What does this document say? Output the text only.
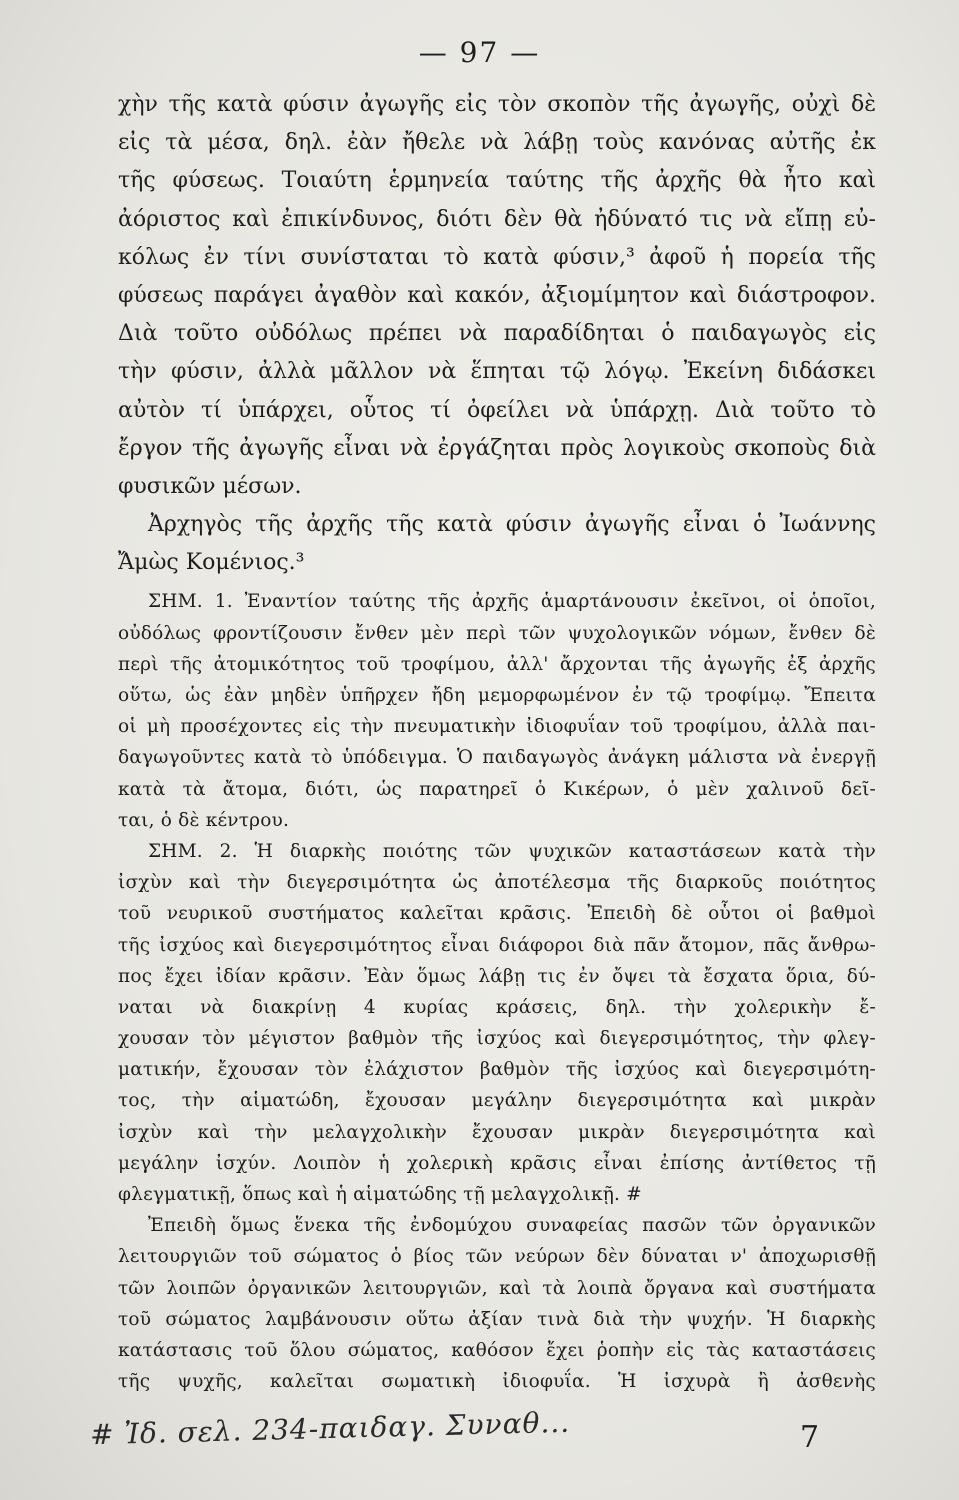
— 97 —
χὴν τῆς κατὰ φύσιν ἀγωγῆς εἰς τὸν σκοπὸν τῆς ἀγωγῆς, οὐχὶ δὲ
εἰς τὰ μέσα, δηλ. ἐὰν ἤθελε νὰ λάβῃ τοὺς κανόνας αὐτῆς ἐκ
τῆς φύσεως. Τοιαύτη ἑρμηνεία ταύτης τῆς ἀρχῆς θὰ ἦτο καὶ
ἀόριστος καὶ ἐπικίνδυνος, διότι δὲν θὰ ἠδύνατό τις νὰ εἴπῃ εὐ-
κόλως ἐν τίνι συνίσταται τὸ κατὰ φύσιν,³ ἀφοῦ ἡ πορεία τῆς
φύσεως παράγει ἀγαθὸν καὶ κακόν, ἀξιομίμητον καὶ διάστροφον.
Διὰ τοῦτο οὐδόλως πρέπει νὰ παραδίδηται ὁ παιδαγωγὸς εἰς
τὴν φύσιν, ἀλλὰ μᾶλλον νὰ ἕπηται τῷ λόγῳ. Ἐκείνη διδάσκει
αὐτὸν τί ὑπάρχει, οὗτος τί ὀφείλει νὰ ὑπάρχῃ. Διὰ τοῦτο τὸ
ἔργον τῆς ἀγωγῆς εἶναι νὰ ἐργάζηται πρὸς λογικοὺς σκοποὺς διὰ
φυσικῶν μέσων.
Ἀρχηγὸς τῆς ἀρχῆς τῆς κατὰ φύσιν ἀγωγῆς εἶναι ὁ Ἰωάννης
Ἄμὼς Κομένιος.³
ΣΗΜ. 1. Ἐναντίον ταύτης τῆς ἀρχῆς ἁμαρτάνουσιν ἐκεῖνοι, οἱ ὁποῖοι,
οὐδόλως φροντίζουσιν ἔνθεν μὲν περὶ τῶν ψυχολογικῶν νόμων, ἔνθεν δὲ
περὶ τῆς ἀτομικότητος τοῦ τροφίμου, ἀλλ' ἄρχονται τῆς ἀγωγῆς ἐξ ἀρχῆς
οὕτω, ὡς ἐὰν μηδὲν ὑπῆρχεν ἤδη μεμορφωμένον ἐν τῷ τροφίμῳ. Ἔπειτα
οἱ μὴ προσέχοντες εἰς τὴν πνευματικὴν ἰδιοφυΐαν τοῦ τροφίμου, ἀλλὰ παι-
δαγωγοῦντες κατὰ τὸ ὑπόδειγμα. Ὁ παιδαγωγὸς ἀνάγκη μάλιστα νὰ ἐνεργῇ
κατὰ τὰ ἄτομα, διότι, ὡς παρατηρεῖ ὁ Κικέρων, ὁ μὲν χαλινοῦ δεῖ-
ται, ὁ δὲ κέντρου.
ΣΗΜ. 2. Ἡ διαρκὴς ποιότης τῶν ψυχικῶν καταστάσεων κατὰ τὴν
ἰσχὺν καὶ τὴν διεγερσιμότητα ὡς ἀποτέλεσμα τῆς διαρκοῦς ποιότητος
τοῦ νευρικοῦ συστήματος καλεῖται κρᾶσις. Ἐπειδὴ δὲ οὗτοι οἱ βαθμοὶ
τῆς ἰσχύος καὶ διεγερσιμότητος εἶναι διάφοροι διὰ πᾶν ἄτομον, πᾶς ἄνθρω-
πος ἔχει ἰδίαν κρᾶσιν. Ἐὰν ὅμως λάβῃ τις ἐν ὄψει τὰ ἔσχατα ὅρια, δύ-
ναται νὰ διακρίνῃ 4 κυρίας κράσεις, δηλ. τὴν χολερικὴν ἔ-
χουσαν τὸν μέγιστον βαθμὸν τῆς ἰσχύος καὶ διεγερσιμότητος, τὴν φλεγ-
ματικήν, ἔχουσαν τὸν ἐλάχιστον βαθμὸν τῆς ἰσχύος καὶ διεγερσιμότη-
τος, τὴν αἱματώδη, ἔχουσαν μεγάλην διεγερσιμότητα καὶ μικρὰν
ἰσχὺν καὶ τὴν μελαγχολικὴν ἔχουσαν μικρὰν διεγερσιμότητα καὶ
μεγάλην ἰσχύν. Λοιπὸν ἡ χολερικὴ κρᾶσις εἶναι ἐπίσης ἀντίθετος τῇ
φλεγματικῇ, ὅπως καὶ ἡ αἱματώδης τῇ μελαγχολικῇ. #
Ἐπειδὴ ὅμως ἕνεκα τῆς ἐνδομύχου συναφείας πασῶν τῶν ὀργανικῶν
λειτουργιῶν τοῦ σώματος ὁ βίος τῶν νεύρων δὲν δύναται ν' ἀποχωρισθῇ
τῶν λοιπῶν ὀργανικῶν λειτουργιῶν, καὶ τὰ λοιπὰ ὄργανα καὶ συστήματα
τοῦ σώματος λαμβάνουσιν οὕτω ἀξίαν τινὰ διὰ τὴν ψυχήν. Ἡ διαρκὴς
κατάστασις τοῦ ὅλου σώματος, καθόσον ἔχει ῥοπὴν εἰς τὰς καταστάσεις
τῆς ψυχῆς, καλεῖται σωματικὴ ἰδιοφυΐα. Ἡ ἰσχυρὰ ἢ ἀσθενὴς
# Ἰδ. σελ. 234-παιδαγ. Συναθ...	7
